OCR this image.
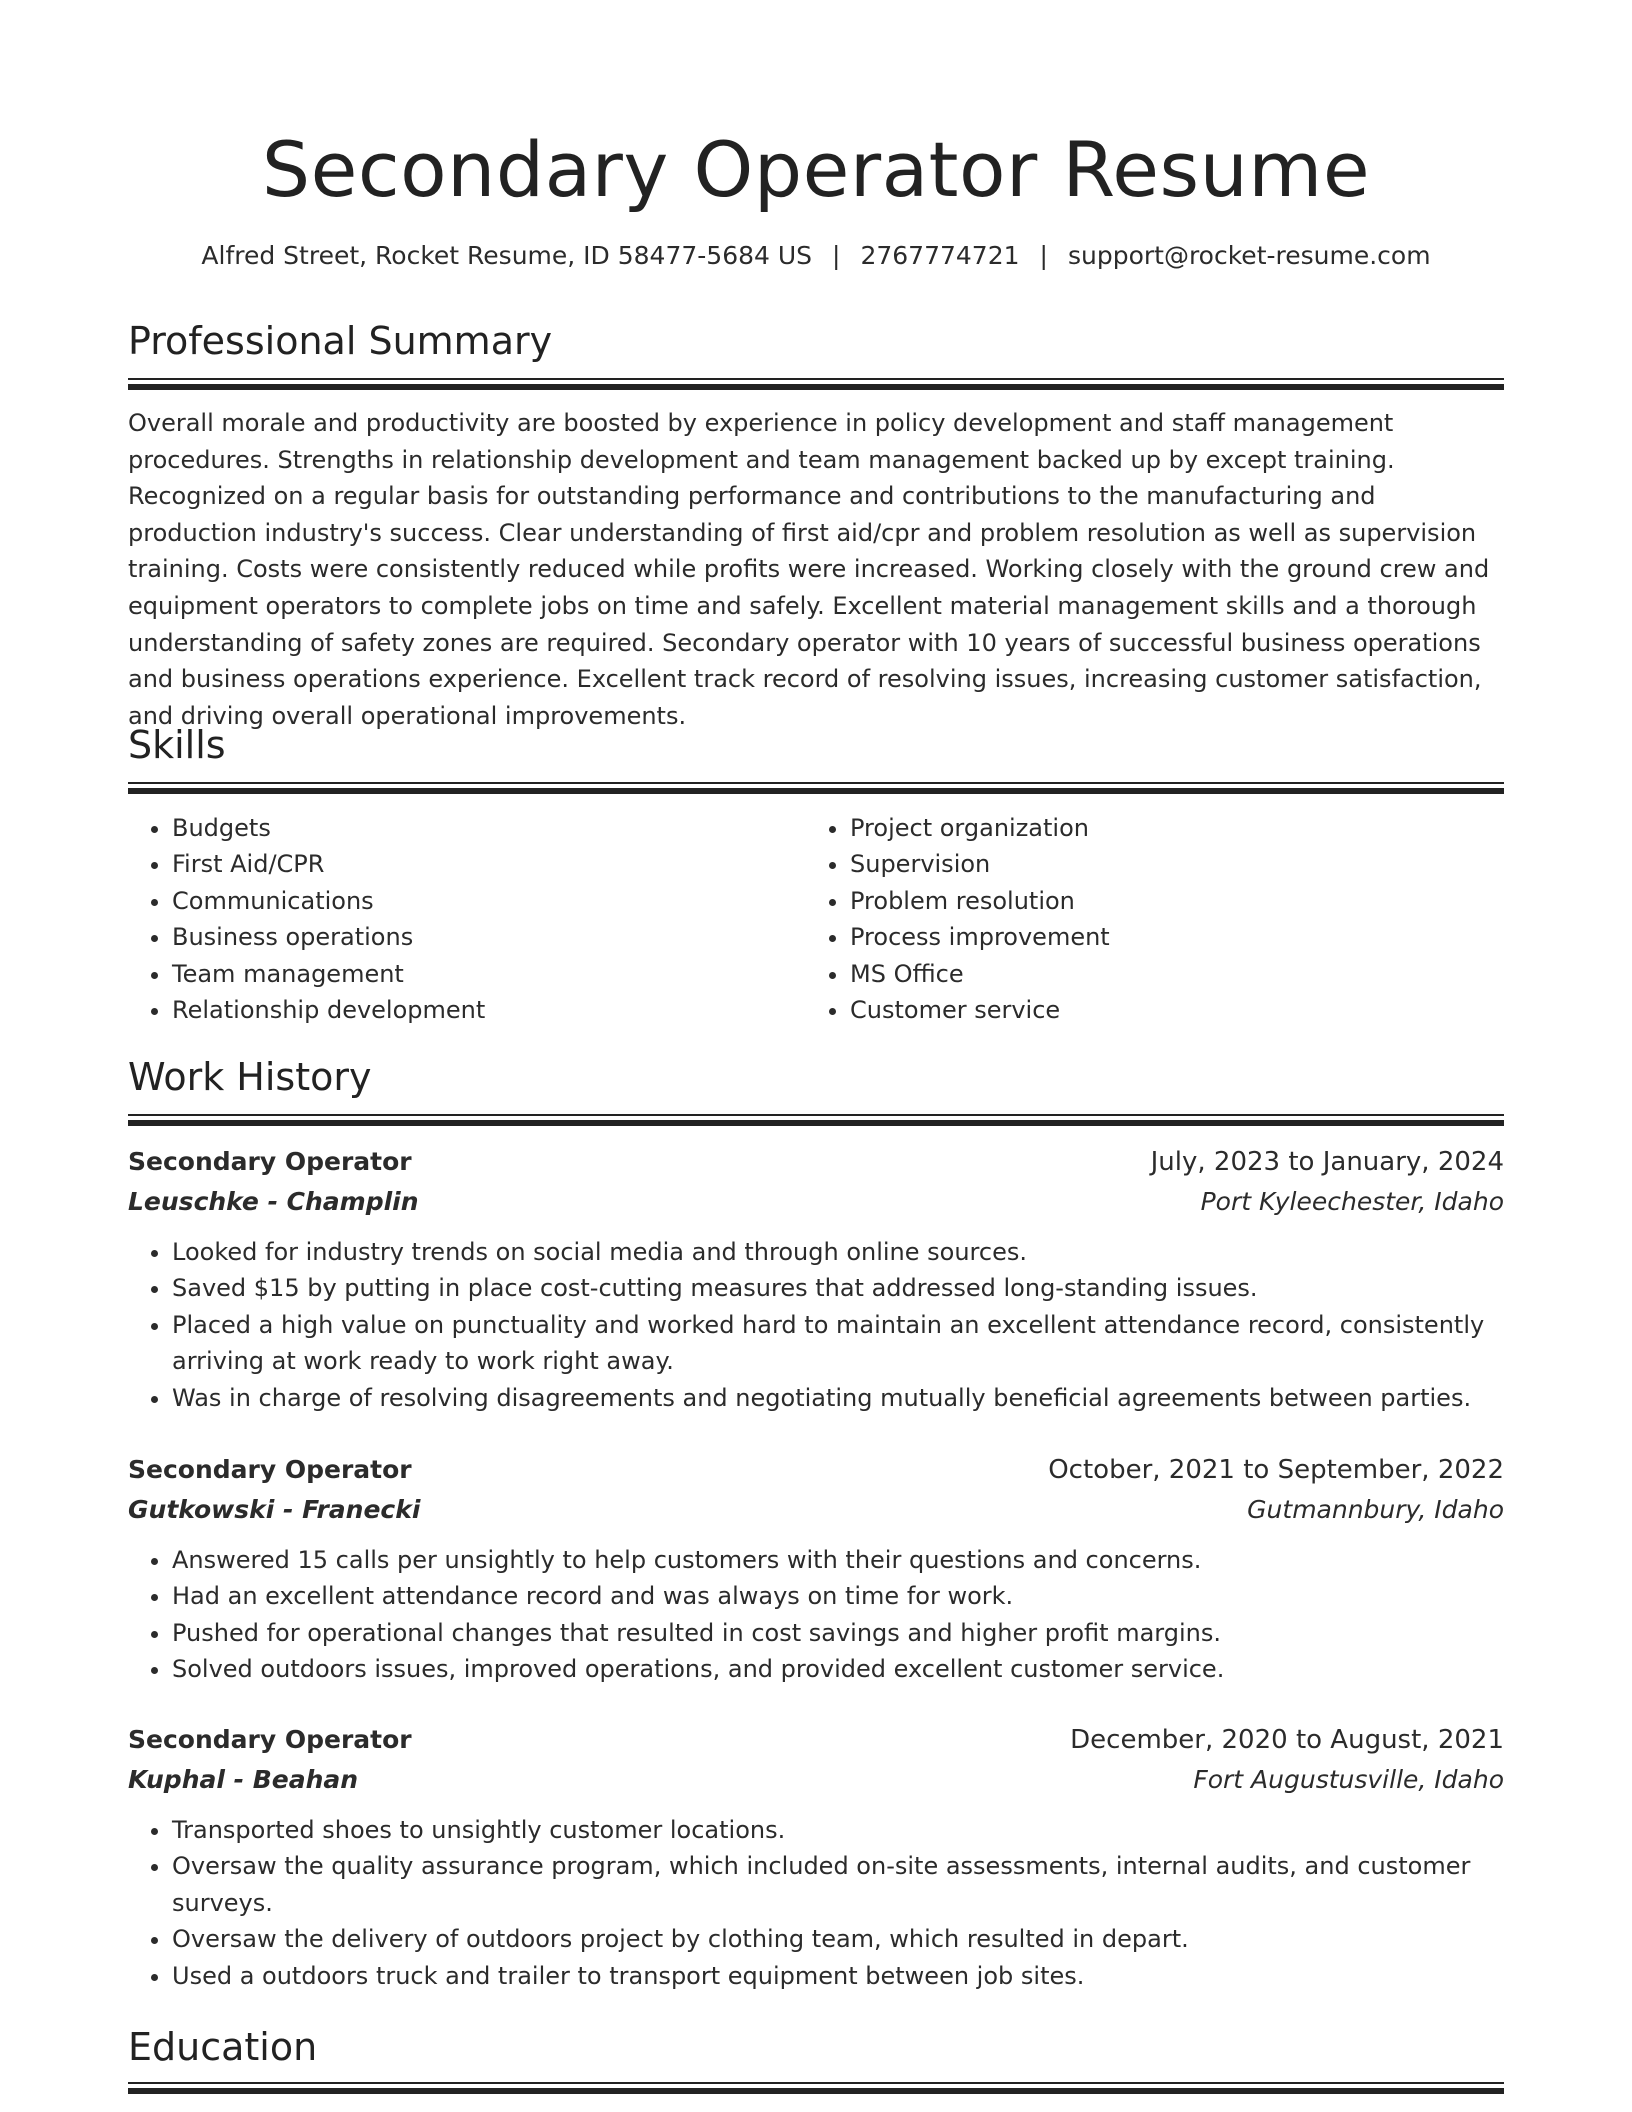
Secondary Operator Resume
Alfred Street, Rocket Resume, ID 58477-5684 US | 2767774721 | support@rocket-resume.com
Professional Summary

Overall morale and productivity are boosted by experience in policy development and staff management procedures. Strengths in relationship development and team management backed up by except training. Recognized on a regular basis for outstanding performance and contributions to the manufacturing and production industry's success. Clear understanding of first aid/cpr and problem resolution as well as supervision training. Costs were consistently reduced while profits were increased. Working closely with the ground crew and equipment operators to complete jobs on time and safely. Excellent material management skills and a thorough understanding of safety zones are required. Secondary operator with 10 years of successful business operations and business operations experience. Excellent track record of resolving issues, increasing customer satisfaction, and driving overall operational improvements.

Skills
• Budgets
• First Aid/CPR
• Communications
• Business operations
• Team management
• Relationship development
• Project organization
• Supervision
• Problem resolution
• Process improvement
• MS Office
• Customer service
Work History
Secondary Operator	July, 2023 to January, 2024
Leuschke - Champlin	Port Kyleechester, Idaho
• Looked for industry trends on social media and through online sources.
• Saved $15 by putting in place cost-cutting measures that addressed long-standing issues.
• Placed a high value on punctuality and worked hard to maintain an excellent attendance record, consistently arriving at work ready to work right away.
• Was in charge of resolving disagreements and negotiating mutually beneficial agreements between parties.
Secondary Operator	October, 2021 to September, 2022
Gutkowski - Franecki	Gutmannbury, Idaho
• Answered 15 calls per unsightly to help customers with their questions and concerns.
• Had an excellent attendance record and was always on time for work.
• Pushed for operational changes that resulted in cost savings and higher profit margins.
• Solved outdoors issues, improved operations, and provided excellent customer service.
Secondary Operator	December, 2020 to August, 2021
Kuphal - Beahan	Fort Augustusville, Idaho
• Transported shoes to unsightly customer locations.
• Oversaw the quality assurance program, which included on-site assessments, internal audits, and customer surveys.
• Oversaw the delivery of outdoors project by clothing team, which resulted in depart.
• Used a outdoors truck and trailer to transport equipment between job sites.
Education
